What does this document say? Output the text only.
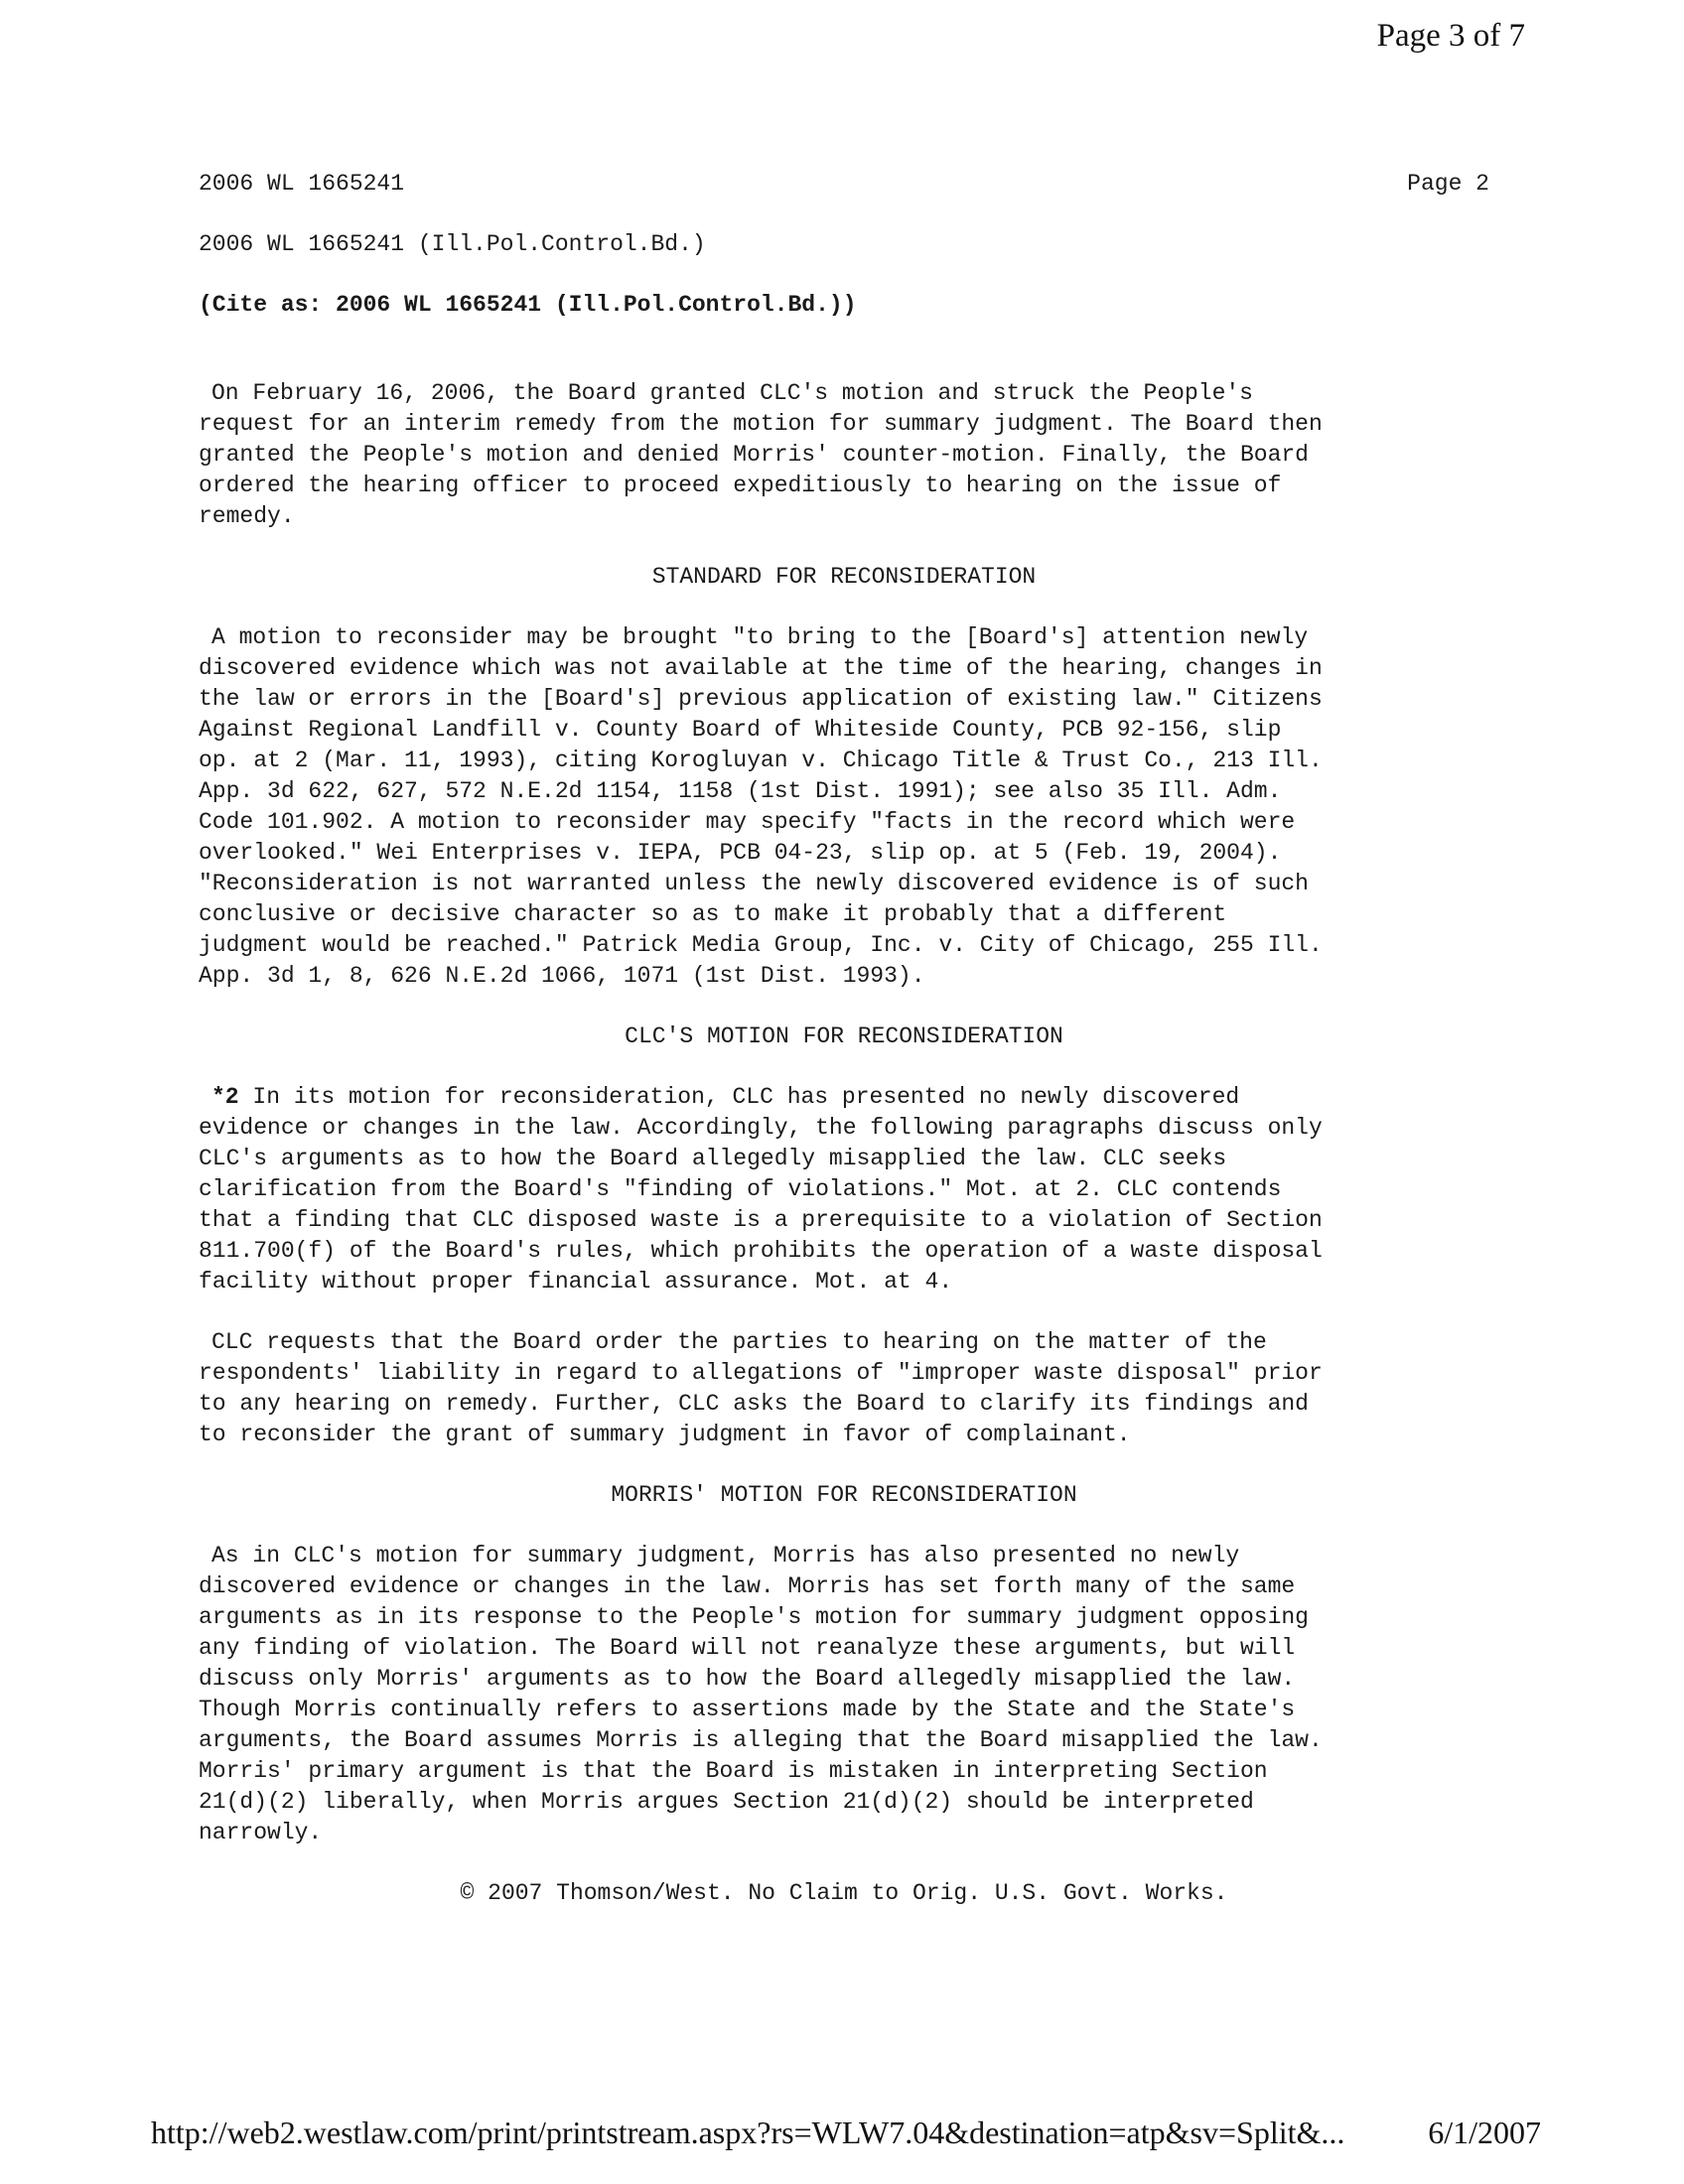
Page 3 of 7
2006 WL 1665241	Page 2
2006 WL 1665241 (Ill.Pol.Control.Bd.)
(Cite as: 2006 WL 1665241 (Ill.Pol.Control.Bd.))
On February 16, 2006, the Board granted CLC's motion and struck the People's
request for an interim remedy from the motion for summary judgment. The Board then
granted the People's motion and denied Morris' counter-motion. Finally, the Board
ordered the hearing officer to proceed expeditiously to hearing on the issue of
remedy.
STANDARD FOR RECONSIDERATION
A motion to reconsider may be brought "to bring to the [Board's] attention newly
discovered evidence which was not available at the time of the hearing, changes in
the law or errors in the [Board's] previous application of existing law." Citizens
Against Regional Landfill v. County Board of Whiteside County, PCB 92-156, slip
op. at 2 (Mar. 11, 1993), citing Korogluyan v. Chicago Title & Trust Co., 213 Ill.
App. 3d 622, 627, 572 N.E.2d 1154, 1158 (1st Dist. 1991); see also 35 Ill. Adm.
Code 101.902. A motion to reconsider may specify "facts in the record which were
overlooked." Wei Enterprises v. IEPA, PCB 04-23, slip op. at 5 (Feb. 19, 2004).
"Reconsideration is not warranted unless the newly discovered evidence is of such
conclusive or decisive character so as to make it probably that a different
judgment would be reached." Patrick Media Group, Inc. v. City of Chicago, 255 Ill.
App. 3d 1, 8, 626 N.E.2d 1066, 1071 (1st Dist. 1993).
CLC'S MOTION FOR RECONSIDERATION
*2 In its motion for reconsideration, CLC has presented no newly discovered
evidence or changes in the law. Accordingly, the following paragraphs discuss only
CLC's arguments as to how the Board allegedly misapplied the law. CLC seeks
clarification from the Board's "finding of violations." Mot. at 2. CLC contends
that a finding that CLC disposed waste is a prerequisite to a violation of Section
811.700(f) of the Board's rules, which prohibits the operation of a waste disposal
facility without proper financial assurance. Mot. at 4.
CLC requests that the Board order the parties to hearing on the matter of the
respondents' liability in regard to allegations of "improper waste disposal" prior
to any hearing on remedy. Further, CLC asks the Board to clarify its findings and
to reconsider the grant of summary judgment in favor of complainant.
MORRIS' MOTION FOR RECONSIDERATION
As in CLC's motion for summary judgment, Morris has also presented no newly
discovered evidence or changes in the law. Morris has set forth many of the same
arguments as in its response to the People's motion for summary judgment opposing
any finding of violation. The Board will not reanalyze these arguments, but will
discuss only Morris' arguments as to how the Board allegedly misapplied the law.
Though Morris continually refers to assertions made by the State and the State's
arguments, the Board assumes Morris is alleging that the Board misapplied the law.
Morris' primary argument is that the Board is mistaken in interpreting Section
21(d)(2) liberally, when Morris argues Section 21(d)(2) should be interpreted
narrowly.
© 2007 Thomson/West. No Claim to Orig. U.S. Govt. Works.
http://web2.westlaw.com/print/printstream.aspx?rs=WLW7.04&destination=atp&sv=Split&...	6/1/2007
